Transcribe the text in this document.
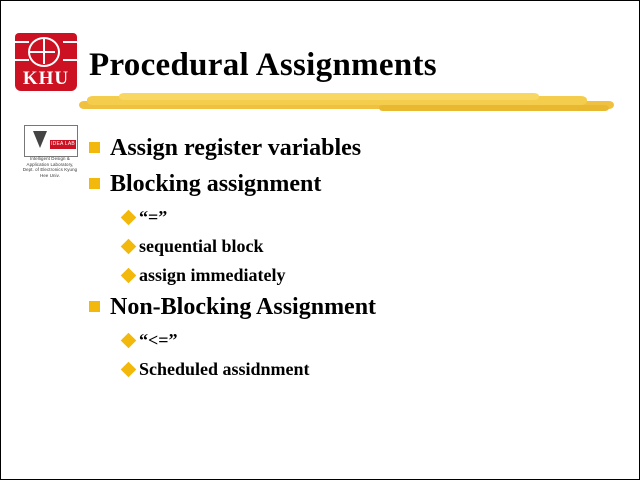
KHU Procedural Assignments
IDEA LAB
Intelligent Design & Application Laboratory, Dept. of Electronics Kyung Hee Univ.
Assign register variables
Blocking assignment
“=”
sequential block
assign immediately
Non-Blocking Assignment
“<=”
Scheduled assidnment
